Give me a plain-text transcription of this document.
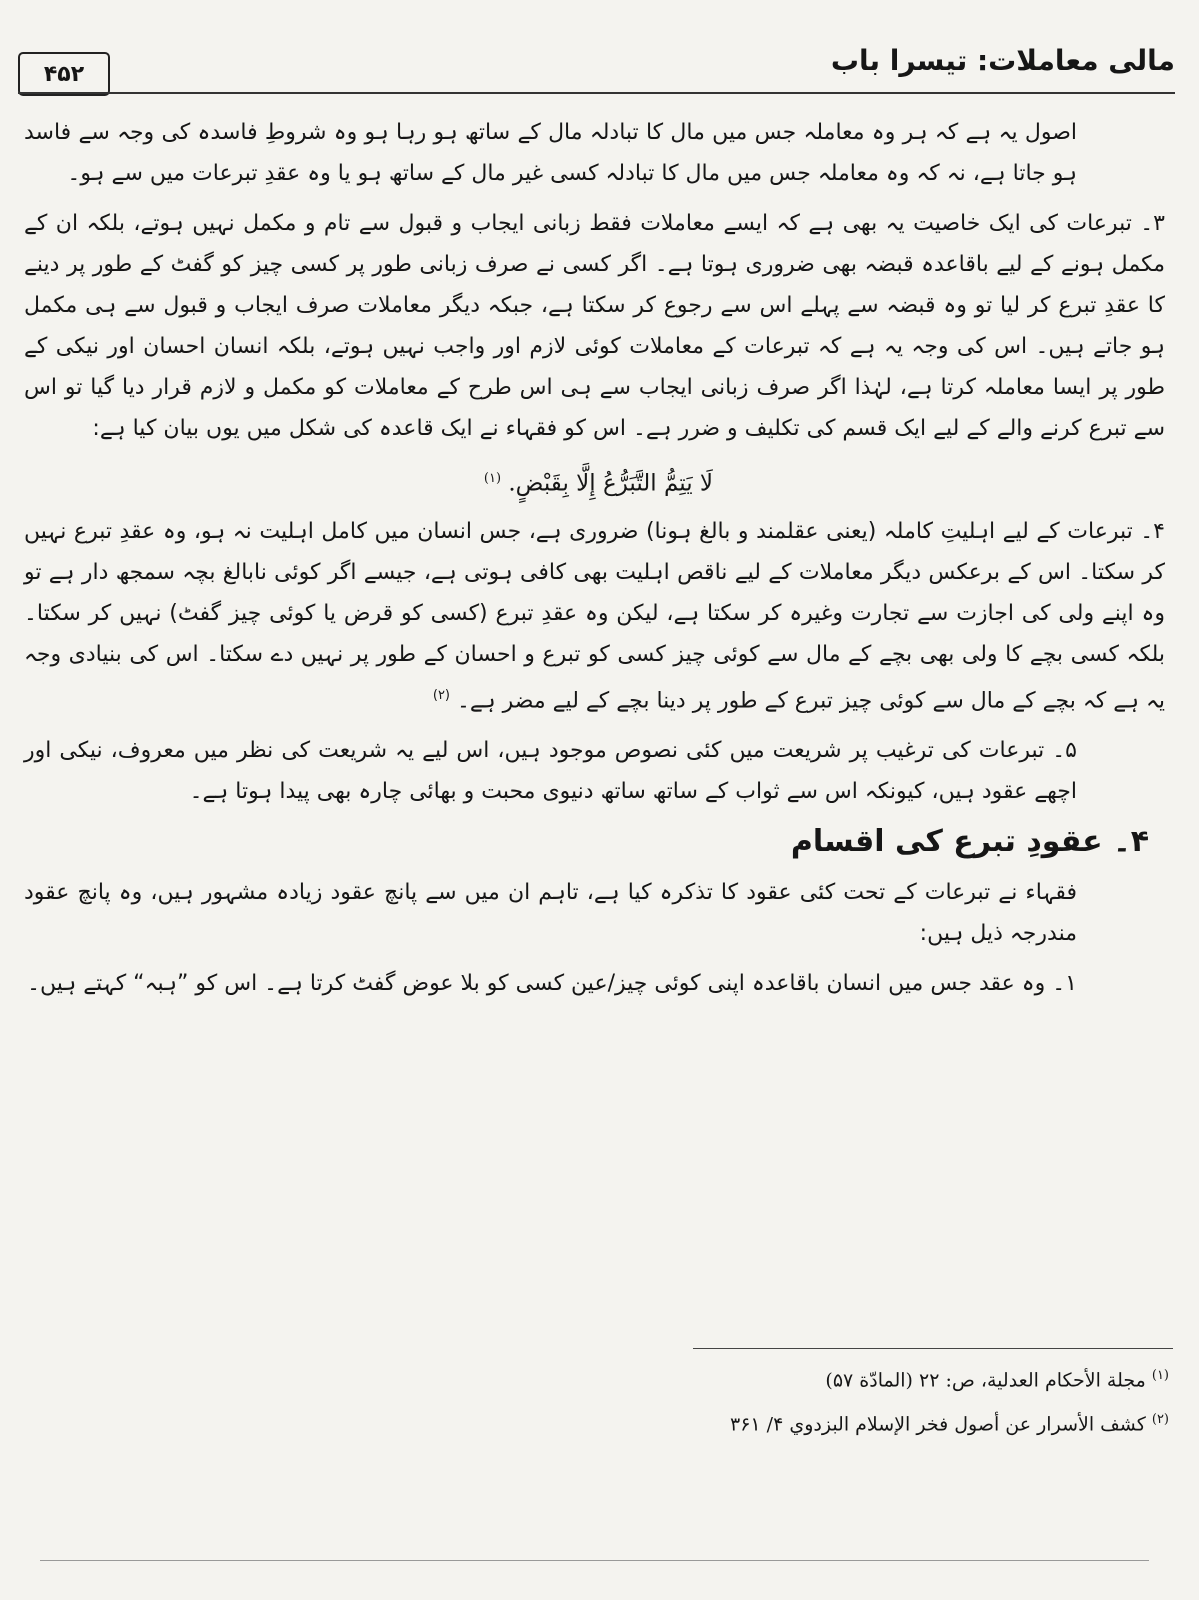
۴۵۲	مالی معاملات: تیسرا باب

اصول یہ ہے کہ ہر وہ معاملہ جس میں مال کا تبادلہ مال کے ساتھ ہو رہا ہو وہ شروطِ فاسدہ کی وجہ سے فاسد ہو جاتا ہے، نہ کہ وہ معاملہ جس میں مال کا تبادلہ کسی غیر مال کے ساتھ ہو یا وہ عقدِ تبرعات میں سے ہو۔

۳۔ تبرعات کی ایک خاصیت یہ بھی ہے کہ ایسے معاملات فقط زبانی ایجاب و قبول سے تام و مکمل نہیں ہوتے، بلکہ ان کے مکمل ہونے کے لیے باقاعدہ قبضہ بھی ضروری ہوتا ہے۔ اگر کسی نے صرف زبانی طور پر کسی چیز کو گفٹ کے طور پر دینے کا عقدِ تبرع کر لیا تو وہ قبضہ سے پہلے اس سے رجوع کر سکتا ہے، جبکہ دیگر معاملات صرف ایجاب و قبول سے ہی مکمل ہو جاتے ہیں۔ اس کی وجہ یہ ہے کہ تبرعات کے معاملات کوئی لازم اور واجب نہیں ہوتے، بلکہ انسان احسان اور نیکی کے طور پر ایسا معاملہ کرتا ہے، لہٰذا اگر صرف زبانی ایجاب سے ہی اس طرح کے معاملات کو مکمل و لازم قرار دیا گیا تو اس سے تبرع کرنے والے کے لیے ایک قسم کی تکلیف و ضرر ہے۔ اس کو فقہاء نے ایک قاعدہ کی شکل میں یوں بیان کیا ہے:

لَا يَتِمُّ التَّبَرُّعُ إِلَّا بِقَبْضٍ. $^{(۱)}$

۴۔ تبرعات کے لیے اہلیتِ کاملہ (یعنی عقلمند و بالغ ہونا) ضروری ہے، جس انسان میں کامل اہلیت نہ ہو، وہ عقدِ تبرع نہیں کر سکتا۔ اس کے برعکس دیگر معاملات کے لیے ناقص اہلیت بھی کافی ہوتی ہے، جیسے اگر کوئی نابالغ بچہ سمجھ دار ہے تو وہ اپنے ولی کی اجازت سے تجارت وغیرہ کر سکتا ہے، لیکن وہ عقدِ تبرع (کسی کو قرض یا کوئی چیز گفٹ) نہیں کر سکتا۔ بلکہ کسی بچے کا ولی بھی بچے کے مال سے کوئی چیز کسی کو تبرع و احسان کے طور پر نہیں دے سکتا۔ اس کی بنیادی وجہ یہ ہے کہ بچے کے مال سے کوئی چیز تبرع کے طور پر دینا بچے کے لیے مضر ہے۔ $^{(۲)}$

۵۔ تبرعات کی ترغیب پر شریعت میں کئی نصوص موجود ہیں، اس لیے یہ شریعت کی نظر میں معروف، نیکی اور اچھے عقود ہیں، کیونکہ اس سے ثواب کے ساتھ ساتھ دنیوی محبت و بھائی چارہ بھی پیدا ہوتا ہے۔

۴۔ عقودِ تبرع کی اقسام

فقہاء نے تبرعات کے تحت کئی عقود کا تذکرہ کیا ہے، تاہم ان میں سے پانچ عقود زیادہ مشہور ہیں، وہ پانچ عقود مندرجہ ذیل ہیں:

۱۔ وہ عقد جس میں انسان باقاعدہ اپنی کوئی چیز/عین کسی کو بلا عوض گفٹ کرتا ہے۔ اس کو ”ہبہ“ کہتے ہیں۔

$^{(۱)}$ مجلة الأحكام العدلية، ص: ۲۲ (المادّة ۵۷)

$^{(۲)}$ كشف الأسرار عن أصول فخر الإسلام البزدوي ۴/ ۳۶۱
